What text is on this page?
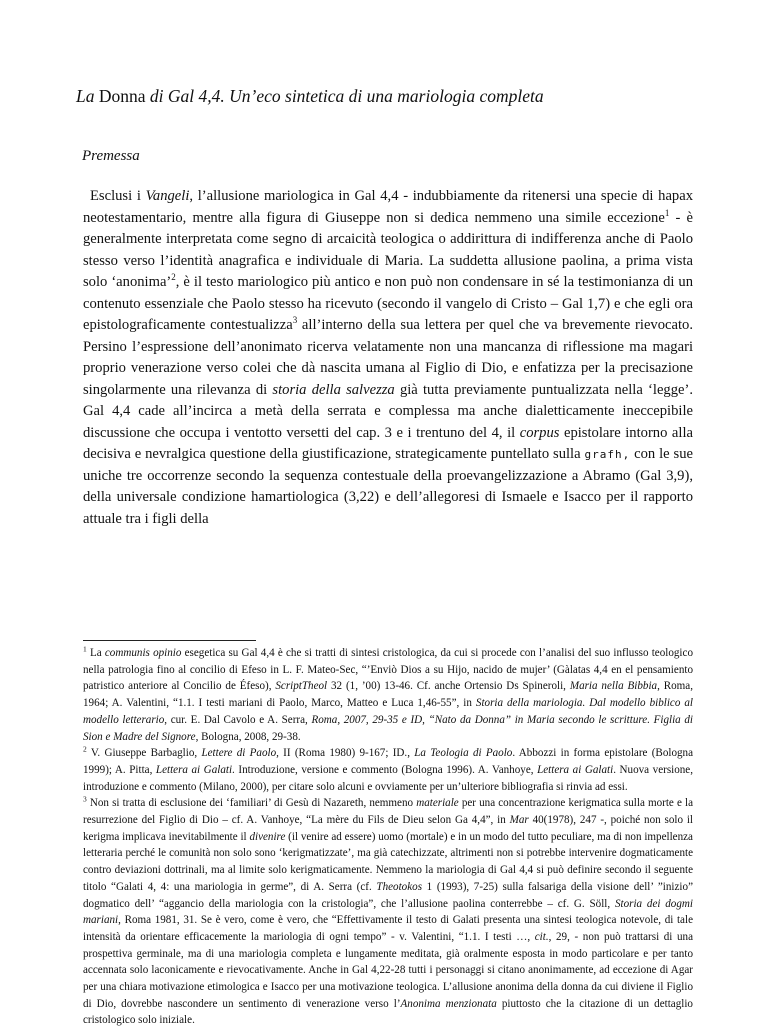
La Donna di Gal 4,4. Un’eco sintetica di una mariologia completa
Premessa
Esclusi i Vangeli, l’allusione mariologica in Gal 4,4 - indubbiamente da ritenersi una specie di hapax neotestamentario, mentre alla figura di Giuseppe non si dedica nemmeno una simile eccezione$^1$ - è generalmente interpretata come segno di arcaicità teologica o addirittura di indifferenza anche di Paolo stesso verso l’identità anagrafica e individuale di Maria. La suddetta allusione paolina, a prima vista solo ‘anonima’$^2$, è il testo mariologico più antico e non può non condensare in sé la testimonianza di un contenuto essenziale che Paolo stesso ha ricevuto (secondo il vangelo di Cristo – Gal 1,7) e che egli ora epistolograficamente contestualizza$^3$ all’interno della sua lettera per quel che va brevemente rievocato. Persino l’espressione dell’anonimato ricerva velatamente non una mancanza di riflessione ma magari proprio venerazione verso colei che dà nascita umana al Figlio di Dio, e enfatizza per la precisazione singolarmente una rilevanza di storia della salvezza già tutta previamente puntualizzata nella ‘legge’. Gal 4,4 cade all’incirca a metà della serrata e complessa ma anche dialetticamente ineccepibile discussione che occupa i ventotto versetti del cap. 3 e i trentuno del 4, il corpus epistolare intorno alla decisiva e nevralgica questione della giustificazione, strategicamente puntellato sulla grafh, con le sue uniche tre occorrenze secondo la sequenza contestuale della proevangelizzazione a Abramo (Gal 3,9), della universale condizione hamartiologica (3,22) e dell’allegoresi di Ismaele e Isacco per il rapporto attuale tra i figli della

$^1$ La communis opinio esegetica su Gal 4,4 è che si tratti di sintesi cristologica, da cui si procede con l’analisi del suo influsso teologico nella patrologia fino al concilio di Efeso in L. F. Mateo-Sec, “’Enviò Dios a su Hijo, nacido de mujer’ (Gàlatas 4,4 en el pensamiento patristico anteriore al Concilio de Éfeso), ScriptTheol 32 (1, ’00) 13-46. Cf. anche Ortensio Ds Spineroli, Maria nella Bibbia, Roma, 1964; A. Valentini, “1.1. I testi mariani di Paolo, Marco, Matteo e Luca 1,46-55”, in Storia della mariologia. Dal modello biblico al modello letterario, cur. E. Dal Cavolo e A. Serra, Roma, 2007, 29-35 e ID, “Nato da Donna” in Maria secondo le scritture. Figlia di Sion e Madre del Signore, Bologna, 2008, 29-38.

$^2$ V. Giuseppe Barbaglio, Lettere di Paolo, II (Roma 1980) 9-167; ID., La Teologia di Paolo. Abbozzi in forma epistolare (Bologna 1999); A. Pitta, Lettera ai Galati. Introduzione, versione e commento (Bologna 1996). A. Vanhoye, Lettera ai Galati. Nuova versione, introduzione e commento (Milano, 2000), per citare solo alcuni e ovviamente per un’ulteriore bibliografia si rinvia ad essi.

$^3$ Non si tratta di esclusione dei ‘familiari’ di Gesù di Nazareth, nemmeno materiale per una concentrazione kerigmatica sulla morte e la resurrezione del Figlio di Dio – cf. A. Vanhoye, “La mère du Fils de Dieu selon Ga 4,4”, in Mar 40(1978), 247 -, poiché non solo il kerigma implicava inevitabilmente il divenire (il venire ad essere) uomo (mortale) e in un modo del tutto peculiare, ma di non impellenza letteraria perché le comunità non solo sono ‘kerigmatizzate’, ma già catechizzate, altrimenti non si potrebbe intervenire dogmaticamente contro deviazioni dottrinali, ma al limite solo kerigmaticamente. Nemmeno la mariologia di Gal 4,4 si può definire secondo il seguente titolo “Galati 4, 4: una mariologia in germe”, di A. Serra (cf. Theotokos 1 (1993), 7-25) sulla falsariga della visione dell’ ”inizio” dogmatico dell’ “aggancio della mariologia con la cristologia”, che l’allusione paolina conterrebbe – cf. G. Söll, Storia dei dogmi mariani, Roma 1981, 31. Se è vero, come è vero, che “Effettivamente il testo di Galati presenta una sintesi teologica notevole, di tale intensità da orientare efficacemente la mariologia di ogni tempo” - v. Valentini, “1.1. I testi …, cit., 29, - non può trattarsi di una prospettiva germinale, ma di una mariologia completa e lungamente meditata, già oralmente esposta in modo particolare e per tanto accennata solo laconicamente e rievocativamente. Anche in Gal 4,22-28 tutti i personaggi si citano anonimamente, ad eccezione di Agar per una chiara motivazione etimologica e Isacco per una motivazione teologica. L’allusione anonima della donna da cui diviene il Figlio di Dio, dovrebbe nascondere un sentimento di venerazione verso l’Anonima menzionata piuttosto che la citazione di un dettaglio cristologico solo iniziale.
